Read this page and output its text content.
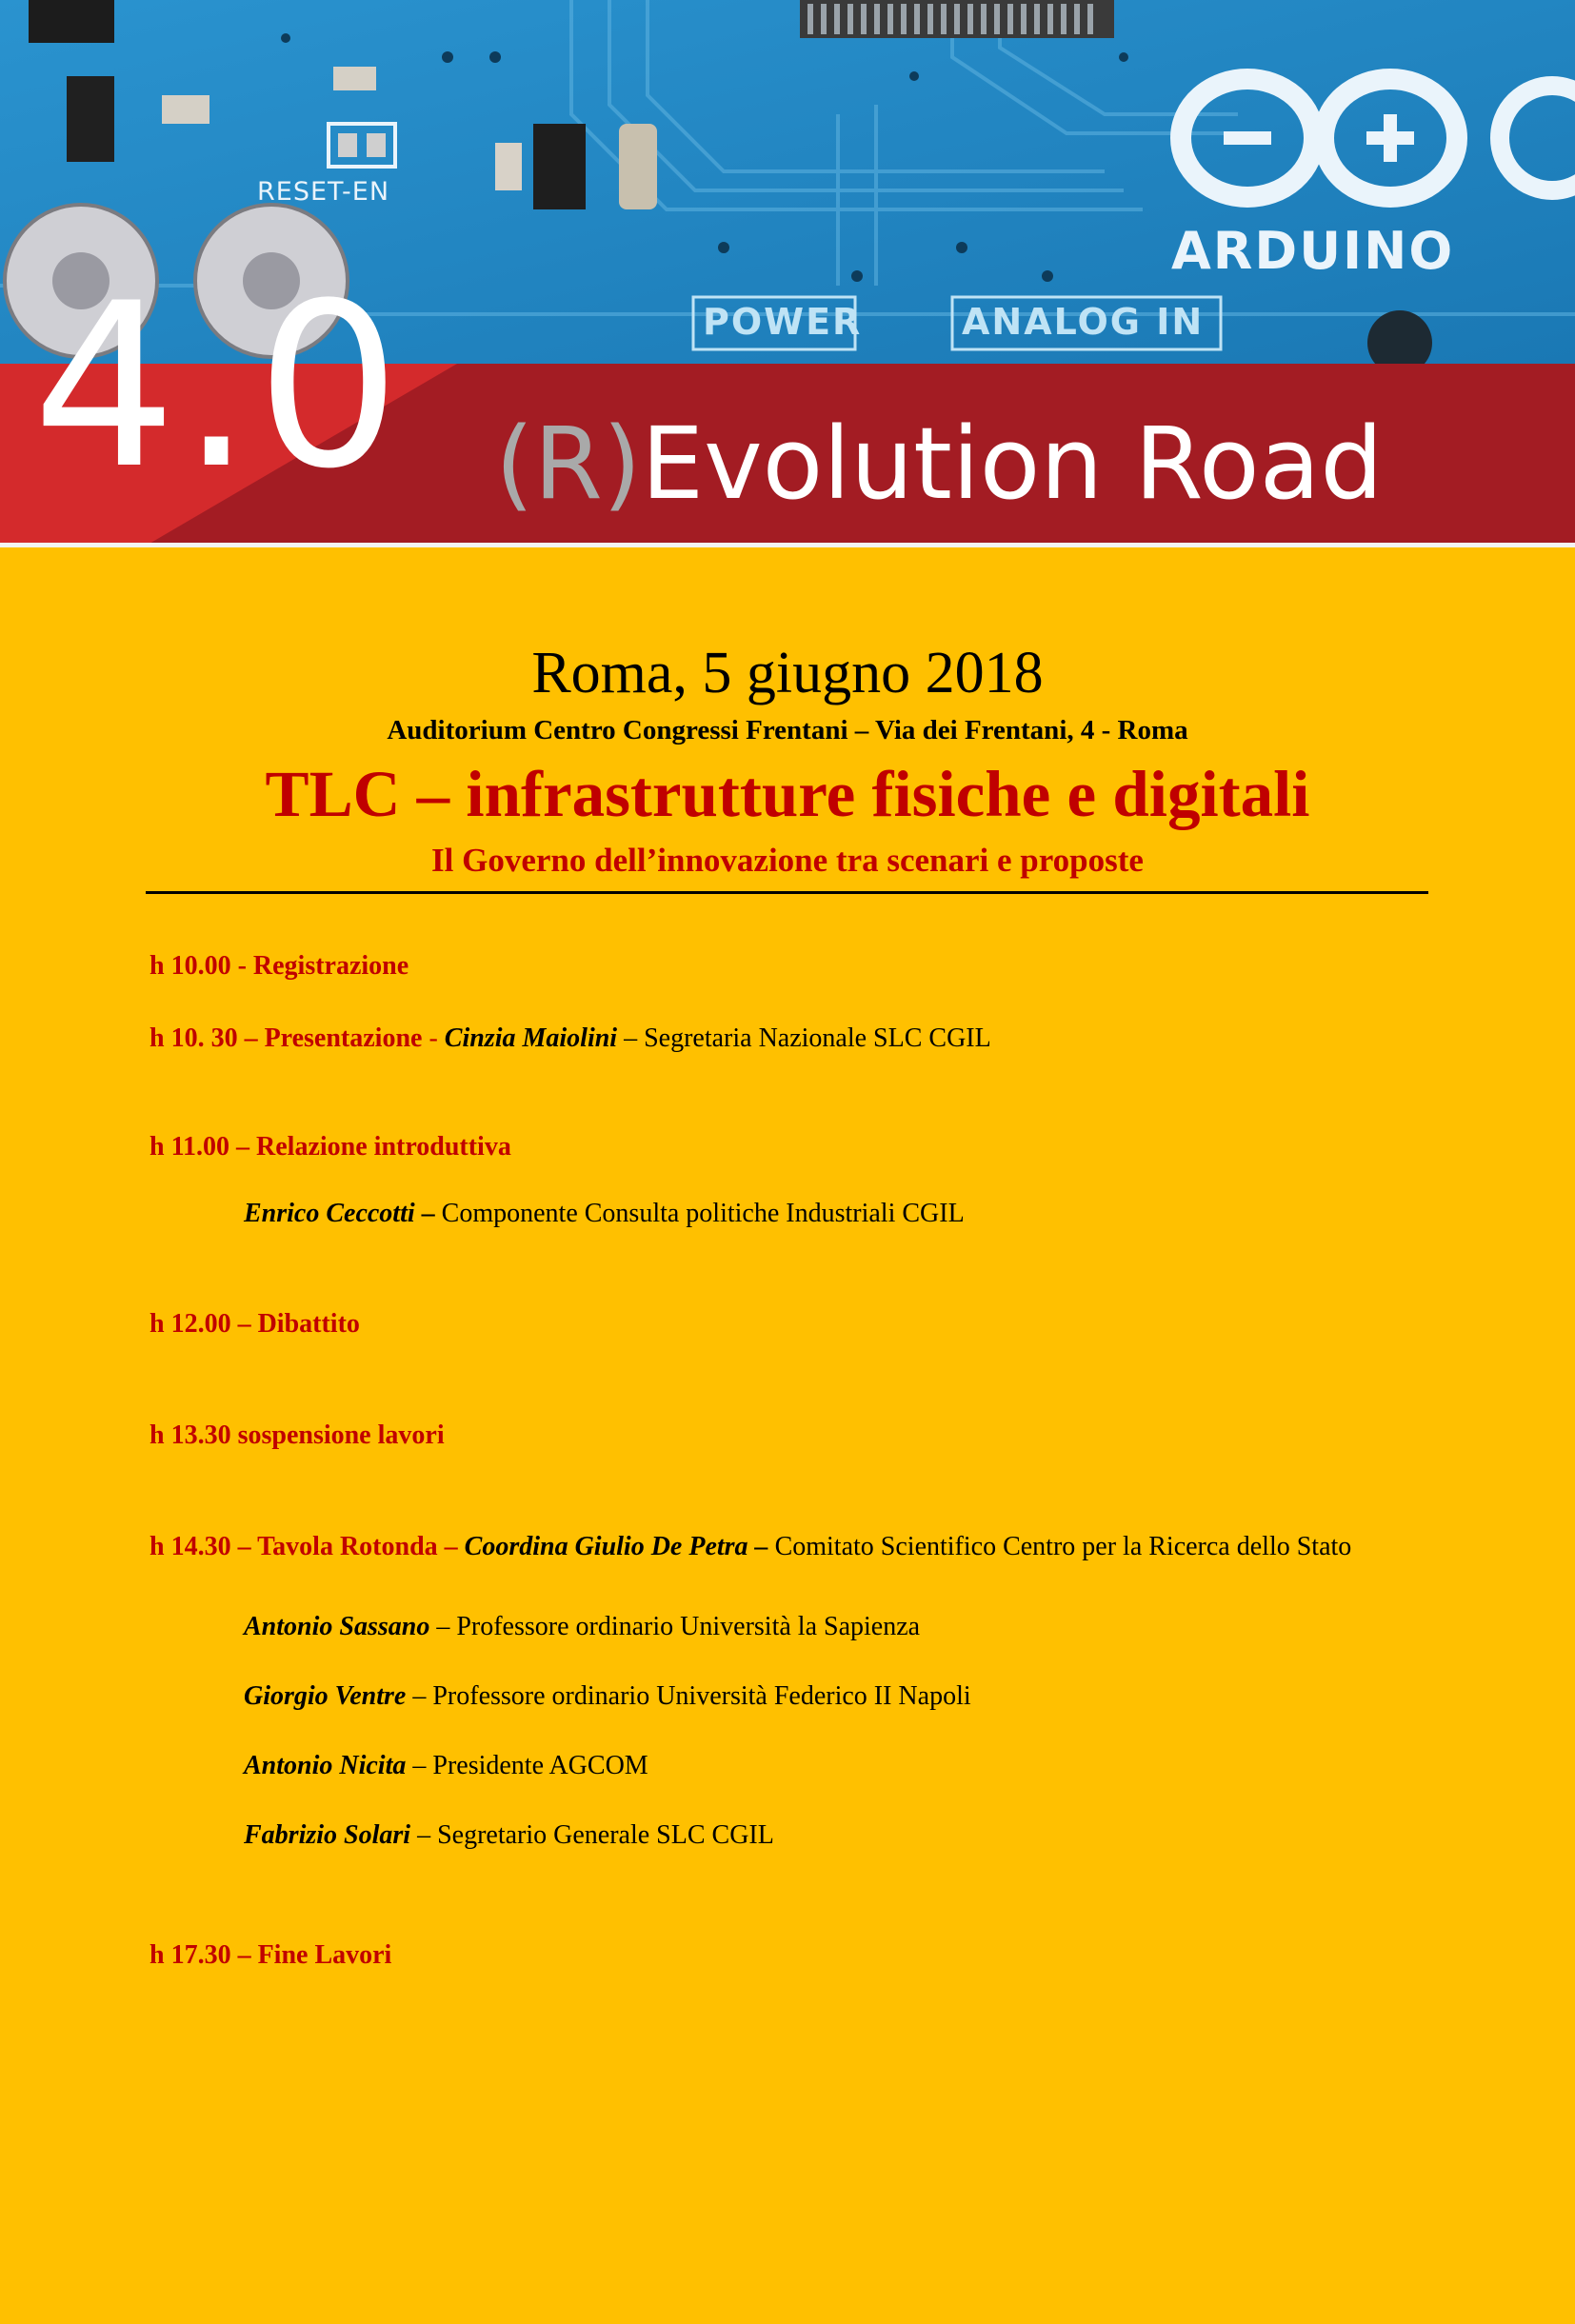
RESET-EN
ARDUINO
POWER	ANALOG IN
4.0 (R)Evolution Road
Roma, 5 giugno 2018
Auditorium Centro Congressi Frentani – Via dei Frentani, 4 - Roma
TLC – infrastrutture fisiche e digitali
Il Governo dell’innovazione tra scenari e proposte
h 10.00 - Registrazione
h 10. 30 – Presentazione - Cinzia Maiolini – Segretaria Nazionale SLC CGIL
h 11.00 – Relazione introduttiva
Enrico Ceccotti – Componente Consulta politiche Industriali CGIL
h 12.00 – Dibattito
h 13.30 sospensione lavori
h 14.30 – Tavola Rotonda – Coordina Giulio De Petra – Comitato Scientifico Centro per la Ricerca dello Stato
Antonio Sassano – Professore ordinario Università la Sapienza
Giorgio Ventre – Professore ordinario Università Federico II Napoli
Antonio Nicita – Presidente AGCOM
Fabrizio Solari – Segretario Generale SLC CGIL
h 17.30 – Fine Lavori
